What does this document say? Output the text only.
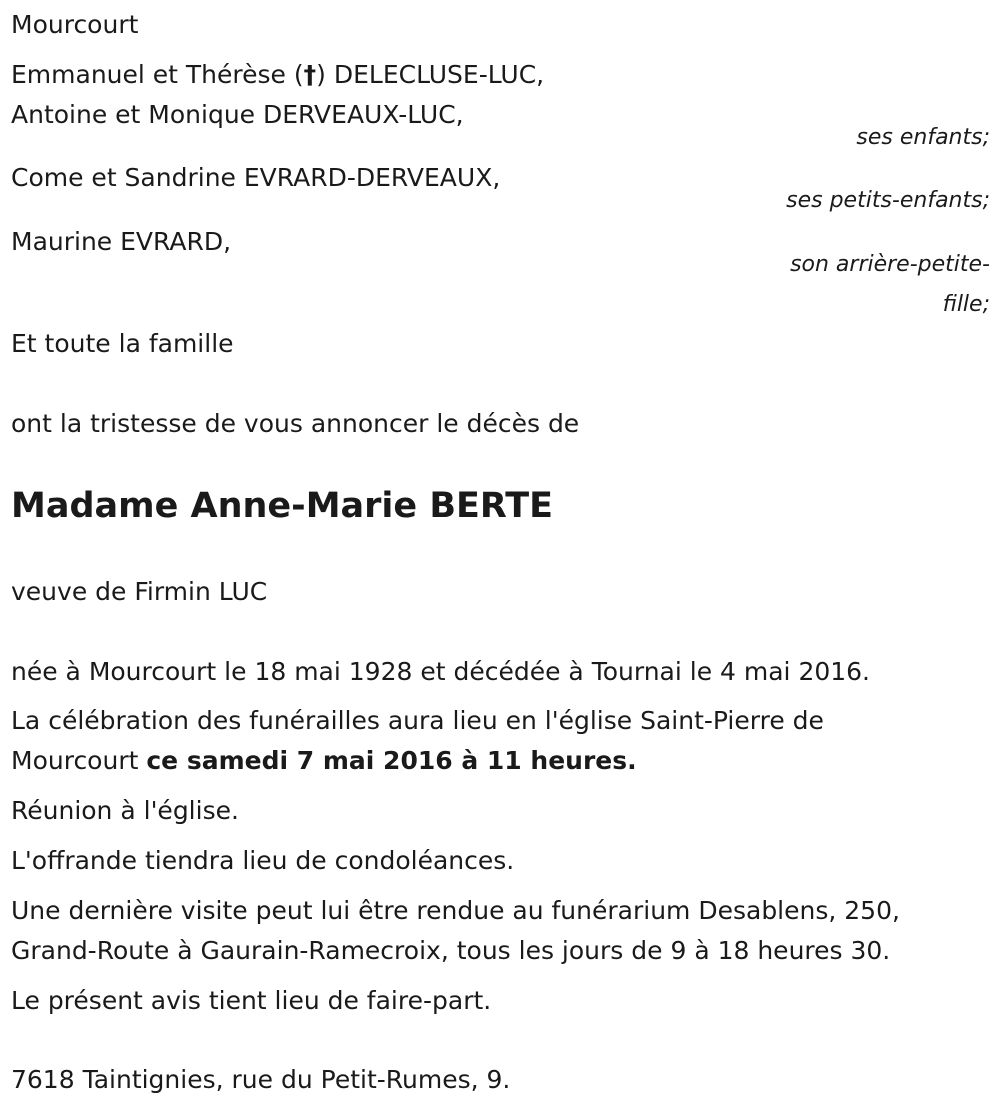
Mourcourt
Emmanuel et Thérèse (†) DELECLUSE-LUC,
Antoine et Monique DERVEAUX-LUC,
ses enfants;
Come et Sandrine EVRARD-DERVEAUX,
ses petits-enfants;
Maurine EVRARD,
son arrière-petite-
fille;
Et toute la famille
ont la tristesse de vous annoncer le décès de
Madame Anne-Marie BERTE
veuve de Firmin LUC
née à Mourcourt le 18 mai 1928 et décédée à Tournai le 4 mai 2016.
La célébration des funérailles aura lieu en l'église Saint-Pierre de
Mourcourt ce samedi 7 mai 2016 à 11 heures.
Réunion à l'église.
L'offrande tiendra lieu de condoléances.
Une dernière visite peut lui être rendue au funérarium Desablens, 250,
Grand-Route à Gaurain-Ramecroix, tous les jours de 9 à 18 heures 30.
Le présent avis tient lieu de faire-part.
7618 Taintignies, rue du Petit-Rumes, 9.
